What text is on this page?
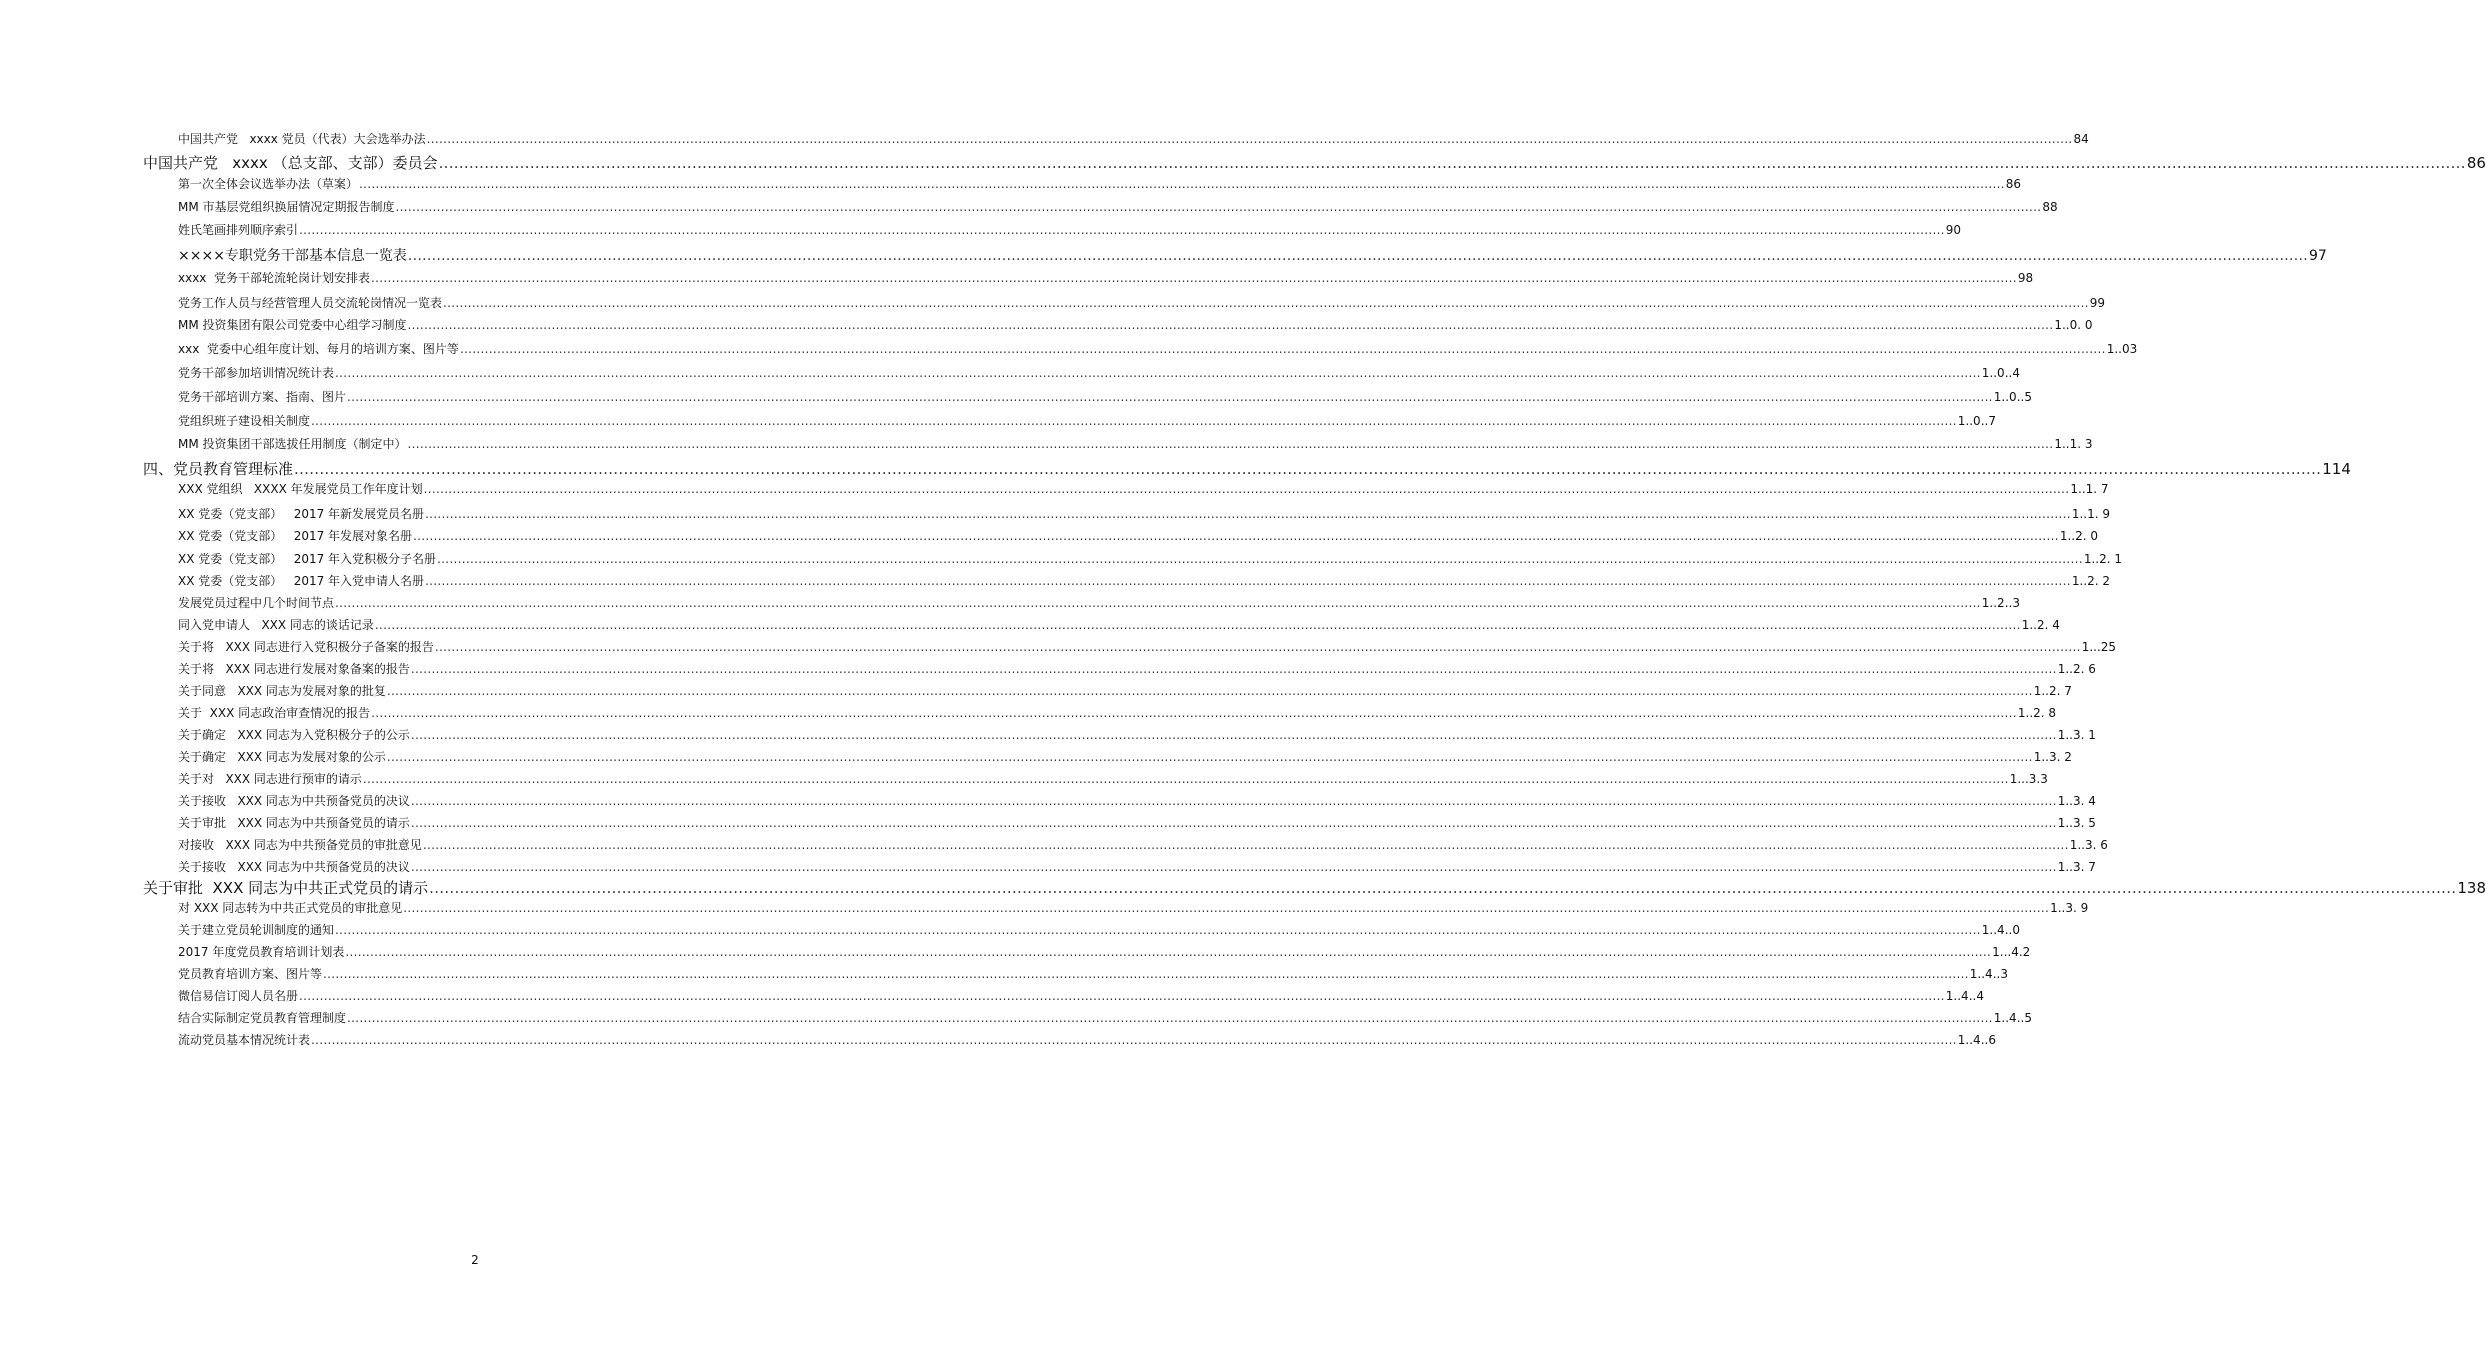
中国共产党   xxxx 党员（代表）大会选举办法 ................................................................................................................................................................................................................................................................................................................................................................................................................ 84
中国共产党   xxxx （总支部、支部）委员会 ................................................................................................................................................................................................................................................................................................................................................................................................................ 86
第一次全体会议选举办法（草案） ................................................................................................................................................................................................................................................................................................................................................................................................................ 86
MM 市基层党组织换届情况定期报告制度 ................................................................................................................................................................................................................................................................................................................................................................................................................ 88
姓氏笔画排列顺序索引 ................................................................................................................................................................................................................................................................................................................................................................................................................ 90
××××专职党务干部基本信息一览表 ................................................................................................................................................................................................................................................................................................................................................................................................................ 97
xxxx  党务干部轮流轮岗计划安排表 ................................................................................................................................................................................................................................................................................................................................................................................................................ 98
党务工作人员与经营管理人员交流轮岗情况一览表 ................................................................................................................................................................................................................................................................................................................................................................................................................ 99
MM 投资集团有限公司党委中心组学习制度 ................................................................................................................................................................................................................................................................................................................................................................................................................ 1..0. 0
xxx  党委中心组年度计划、每月的培训方案、图片等 ................................................................................................................................................................................................................................................................................................................................................................................................................ 1..03
党务干部参加培训情况统计表 ................................................................................................................................................................................................................................................................................................................................................................................................................ 1..0..4
党务干部培训方案、指南、图片 ................................................................................................................................................................................................................................................................................................................................................................................................................ 1..0..5
党组织班子建设相关制度 ................................................................................................................................................................................................................................................................................................................................................................................................................ 1..0..7
MM 投资集团干部选拔任用制度（制定中） ................................................................................................................................................................................................................................................................................................................................................................................................................ 1..1. 3
四、党员教育管理标准 ................................................................................................................................................................................................................................................................................................................................................................................................................ 114
XXX 党组织   XXXX 年发展党员工作年度计划 ................................................................................................................................................................................................................................................................................................................................................................................................................ 1..1. 7
XX 党委（党支部）   2017 年新发展党员名册 ................................................................................................................................................................................................................................................................................................................................................................................................................ 1..1. 9
XX 党委（党支部）   2017 年发展对象名册 ................................................................................................................................................................................................................................................................................................................................................................................................................ 1..2. 0
XX 党委（党支部）   2017 年入党积极分子名册 ................................................................................................................................................................................................................................................................................................................................................................................................................ 1..2. 1
XX 党委（党支部）   2017 年入党申请人名册 ................................................................................................................................................................................................................................................................................................................................................................................................................ 1..2. 2
发展党员过程中几个时间节点 ................................................................................................................................................................................................................................................................................................................................................................................................................ 1..2..3
同入党申请人   XXX 同志的谈话记录 ................................................................................................................................................................................................................................................................................................................................................................................................................ 1..2. 4
关于将   XXX 同志进行入党积极分子备案的报告 ................................................................................................................................................................................................................................................................................................................................................................................................................ 1...25
关于将   XXX 同志进行发展对象备案的报告 ................................................................................................................................................................................................................................................................................................................................................................................................................ 1..2. 6
关于同意   XXX 同志为发展对象的批复 ................................................................................................................................................................................................................................................................................................................................................................................................................ 1..2. 7
关于  XXX 同志政治审查情况的报告 ................................................................................................................................................................................................................................................................................................................................................................................................................ 1..2. 8
关于确定   XXX 同志为入党积极分子的公示 ................................................................................................................................................................................................................................................................................................................................................................................................................ 1..3. 1
关于确定   XXX 同志为发展对象的公示 ................................................................................................................................................................................................................................................................................................................................................................................................................ 1..3. 2
关于对   XXX 同志进行预审的请示 ................................................................................................................................................................................................................................................................................................................................................................................................................ 1...3.3
关于接收   XXX 同志为中共预备党员的决议 ................................................................................................................................................................................................................................................................................................................................................................................................................ 1..3. 4
关于审批   XXX 同志为中共预备党员的请示 ................................................................................................................................................................................................................................................................................................................................................................................................................ 1..3. 5
对接收   XXX 同志为中共预备党员的审批意见 ................................................................................................................................................................................................................................................................................................................................................................................................................ 1..3. 6
关于接收   XXX 同志为中共预备党员的决议 ................................................................................................................................................................................................................................................................................................................................................................................................................ 1..3. 7
关于审批  XXX 同志为中共正式党员的请示 ................................................................................................................................................................................................................................................................................................................................................................................................................ 138
对 XXX 同志转为中共正式党员的审批意见 ................................................................................................................................................................................................................................................................................................................................................................................................................ 1..3. 9
关于建立党员轮训制度的通知 ................................................................................................................................................................................................................................................................................................................................................................................................................ 1..4..0
2017 年度党员教育培训计划表 ................................................................................................................................................................................................................................................................................................................................................................................................................ 1...4.2
党员教育培训方案、图片等 ................................................................................................................................................................................................................................................................................................................................................................................................................ 1..4..3
微信易信订阅人员名册 ................................................................................................................................................................................................................................................................................................................................................................................................................ 1..4..4
结合实际制定党员教育管理制度 ................................................................................................................................................................................................................................................................................................................................................................................................................ 1..4..5
流动党员基本情况统计表 ................................................................................................................................................................................................................................................................................................................................................................................................................ 1..4..6
2
